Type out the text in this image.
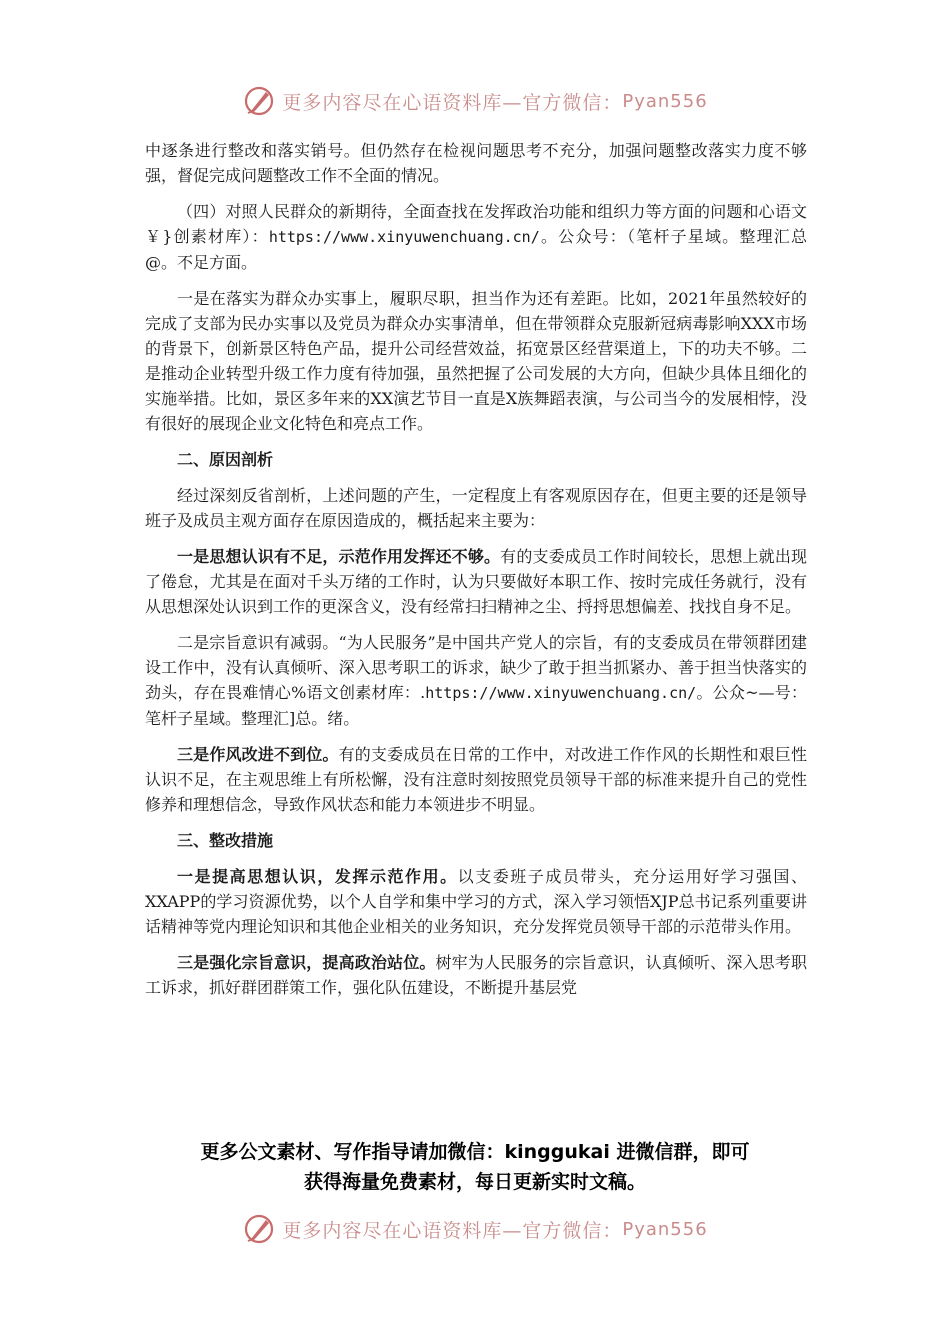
更多内容尽在心语资料库—官方微信： Pyan556

中逐条进行整改和落实销号。但仍然存在检视问题思考不充分，加强问题整改落实力度不够强，督促完成问题整改工作不全面的情况。

（四）对照人民群众的新期待，全面查找在发挥政治功能和组织力等方面的问题和心语文￥}创素材库）：https://www.xinyuwenchuang.cn/。公众号：（笔杆子星域。整理汇总@。不足方面。

一是在落实为群众办实事上，履职尽职，担当作为还有差距。比如，2021年虽然较好的完成了支部为民办实事以及党员为群众办实事清单，但在带领群众克服新冠病毒影响XXX市场的背景下，创新景区特色产品，提升公司经营效益，拓宽景区经营渠道上，下的功夫不够。二是推动企业转型升级工作力度有待加强，虽然把握了公司发展的大方向，但缺少具体且细化的实施举措。比如，景区多年来的XX演艺节目一直是X族舞蹈表演，与公司当今的发展相悖，没有很好的展现企业文化特色和亮点工作。

二、原因剖析

经过深刻反省剖析，上述问题的产生，一定程度上有客观原因存在，但更主要的还是领导班子及成员主观方面存在原因造成的，概括起来主要为：

一是思想认识有不足，示范作用发挥还不够。有的支委成员工作时间较长，思想上就出现了倦怠，尤其是在面对千头万绪的工作时，认为只要做好本职工作、按时完成任务就行，没有从思想深处认识到工作的更深含义，没有经常扫扫精神之尘、捋捋思想偏差、找找自身不足。

二是宗旨意识有减弱。“为人民服务”是中国共产党人的宗旨，有的支委成员在带领群团建设工作中，没有认真倾听、深入思考职工的诉求，缺少了敢于担当抓紧办、善于担当快落实的劲头，存在畏难情心%语文创素材库：.https://www.xinyuwenchuang.cn/。公众~—号：笔杆子星域。整理汇]总。绪。

三是作风改进不到位。有的支委成员在日常的工作中，对改进工作作风的长期性和艰巨性认识不足，在主观思维上有所松懈，没有注意时刻按照党员领导干部的标准来提升自己的党性修养和理想信念，导致作风状态和能力本领进步不明显。

三、整改措施

一是提高思想认识，发挥示范作用。以支委班子成员带头，充分运用好学习强国、XXAPP的学习资源优势，以个人自学和集中学习的方式，深入学习领悟XJP总书记系列重要讲话精神等党内理论知识和其他企业相关的业务知识，充分发挥党员领导干部的示范带头作用。

三是强化宗旨意识，提高政治站位。树牢为人民服务的宗旨意识，认真倾听、深入思考职工诉求，抓好群团群策工作，强化队伍建设，不断提升基层党

更多公文素材、写作指导请加微信：kinggukai 进微信群，即可
获得海量免费素材，每日更新实时文稿。
更多内容尽在心语资料库—官方微信： Pyan556
